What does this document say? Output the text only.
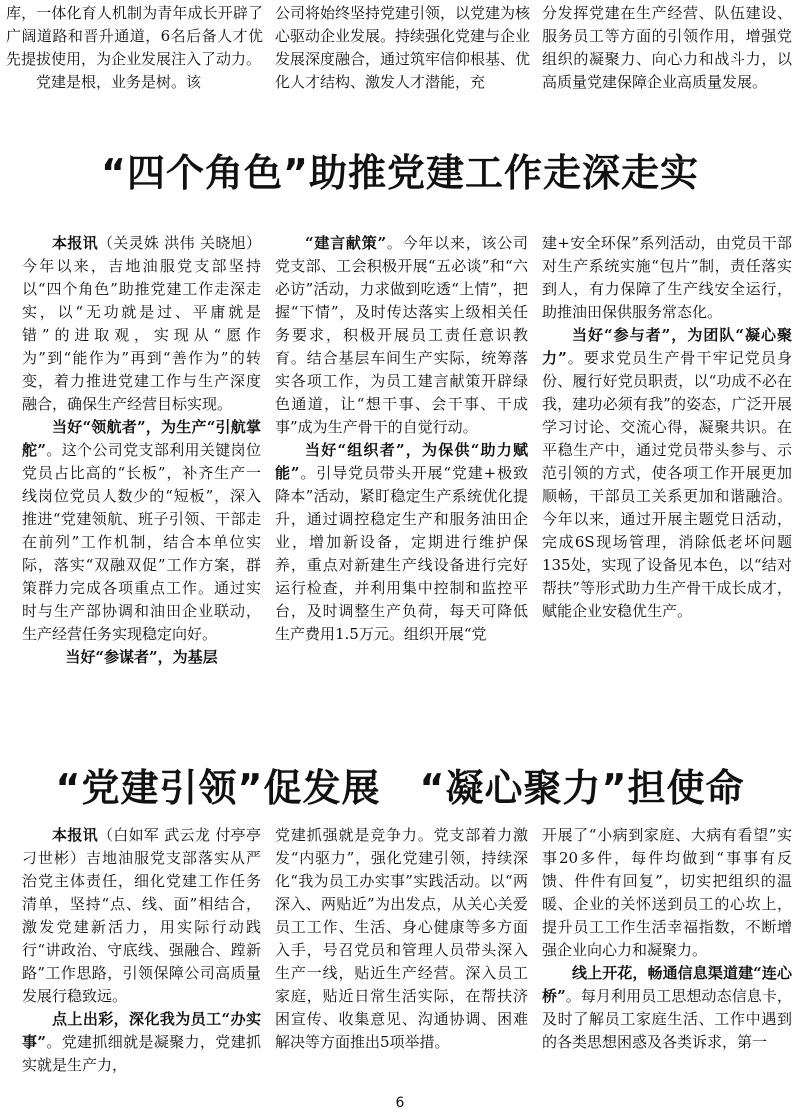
库，一体化育人机制为青年成长开辟了广阔道路和晋升通道，6名后备人才优先提拔使用，为企业发展注入了动力。

党建是根，业务是树。该

公司将始终坚持党建引领，以党建为核心驱动企业发展。持续强化党建与企业发展深度融合，通过筑牢信仰根基、优化人才结构、激发人才潜能，充

分发挥党建在生产经营、队伍建设、服务员工等方面的引领作用，增强党组织的凝聚力、向心力和战斗力，以高质量党建保障企业高质量发展。

“四个角色”助推党建工作走深走实

本报讯（关灵姝 洪伟 关晓旭）今年以来，吉地油服党支部坚持以“四个角色”助推党建工作走深走实，以“无功就是过、平庸就是错”的进取观，实现从“愿作为”到“能作为”再到“善作为”的转变，着力推进党建工作与生产深度融合，确保生产经营目标实现。

当好“领航者”，为生产“引航掌舵”。这个公司党支部利用关键岗位党员占比高的“长板”，补齐生产一线岗位党员人数少的“短板”，深入推进“党建领航、班子引领、干部走在前列”工作机制，结合本单位实际，落实“双融双促”工作方案，群策群力完成各项重点工作。通过实时与生产部协调和油田企业联动，生产经营任务实现稳定向好。

当好“参谋者”，为基层

“建言献策”。今年以来，该公司党支部、工会积极开展“五必谈”和“六必访”活动，力求做到吃透“上情”，把握“下情”，及时传达落实上级相关任务要求，积极开展员工责任意识教育。结合基层车间生产实际，统筹落实各项工作，为员工建言献策开辟绿色通道，让“想干事、会干事、干成事”成为生产骨干的自觉行动。

当好“组织者”，为保供“助力赋能”。引导党员带头开展“党建+极致降本”活动，紧盯稳定生产系统优化提升，通过调控稳定生产和服务油田企业，增加新设备，定期进行维护保养，重点对新建生产线设备进行完好运行检查，并利用集中控制和监控平台，及时调整生产负荷，每天可降低生产费用1.5万元。组织开展“党

建+安全环保”系列活动，由党员干部对生产系统实施“包片”制，责任落实到人，有力保障了生产线安全运行，助推油田保供服务常态化。

当好“参与者”，为团队“凝心聚力”。要求党员生产骨干牢记党员身份、履行好党员职责，以“功成不必在我，建功必须有我”的姿态，广泛开展学习讨论、交流心得，凝聚共识。在平稳生产中，通过党员带头参与、示范引领的方式，使各项工作开展更加顺畅，干部员工关系更加和谐融洽。今年以来，通过开展主题党日活动，完成6S现场管理，消除低老坏问题135处，实现了设备见本色，以“结对帮扶”等形式助力生产骨干成长成才，赋能企业安稳优生产。

“党建引领”促发展　“凝心聚力”担使命

本报讯（白如军 武云龙 付亭亭 刁世彬）吉地油服党支部落实从严治党主体责任，细化党建工作任务清单，坚持“点、线、面”相结合，激发党建新活力，用实际行动践行“讲政治、守底线、强融合、蹚新路”工作思路，引领保障公司高质量发展行稳致远。

点上出彩，深化我为员工“办实事”。党建抓细就是凝聚力，党建抓实就是生产力，

党建抓强就是竞争力。党支部着力激发“内驱力”，强化党建引领，持续深化“我为员工办实事”实践活动。以“两深入、两贴近”为出发点，从关心关爱员工工作、生活、身心健康等多方面入手，号召党员和管理人员带头深入生产一线，贴近生产经营。深入员工家庭，贴近日常生活实际，在帮扶济困宣传、收集意见、沟通协调、困难解决等方面推出5项举措。

开展了“小病到家庭、大病有看望”实事20多件，每件均做到“事事有反馈、件件有回复”，切实把组织的温暖、企业的关怀送到员工的心坎上，提升员工工作生活幸福指数，不断增强企业向心力和凝聚力。

线上开花，畅通信息渠道建“连心桥”。每月利用员工思想动态信息卡，及时了解员工家庭生活、工作中遇到的各类思想困惑及各类诉求，第一

6
